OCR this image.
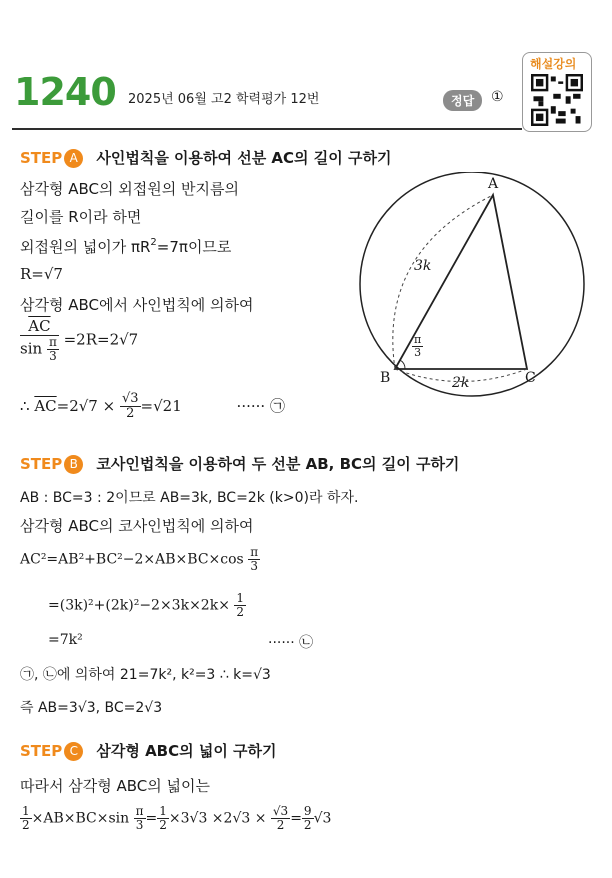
1240 2025년 06월 고2 학력평가 12번	정답	①
해설강의
STEP A 사인법칙을 이용하여 선분 AC의 길이 구하기
삼각형 ABC의 외접원의 반지름의
길이를 R이라 하면
외접원의 넓이가 $\pi R^2=7\pi$이므로
R=√7
삼각형 ABC에서 사인법칙에 의하여
$\frac{\overline{AC}}{\sin \frac{\pi}{3}} =2R=2√7$
∴ $\overline{AC}=2√7 \times \frac{√3}{2} =√21$	······ ㉠
A
B	C
3k
2k
$\frac{\pi}{3}$
STEP B 코사인법칙을 이용하여 두 선분 AB, BC의 길이 구하기
AB : BC=3 : 2이므로 AB=3k, BC=2k (k>0)라 하자.
삼각형 ABC의 코사인법칙에 의하여
$AC^2=AB^2+BC^2-2\times AB\times BC\times\cos \frac{\pi}{3}$
$=(3k)^2+(2k)^2-2\times 3k\times 2k\times \frac{1}{2}$
=7k²	······ ㉡
㉠, ㉡에 의하여 21=7k², k²=3 ∴ k=√3
즉 AB=3√3, BC=2√3
STEP C 삼각형 ABC의 넓이 구하기
따라서 삼각형 ABC의 넓이는
$\frac{1}{2} \times AB\times BC\times\sin \frac{\pi}{3} = \frac{1}{2} \times 3√3 \times 2√3 \times \frac{√3}{2} = \frac{9}{2} √3$
